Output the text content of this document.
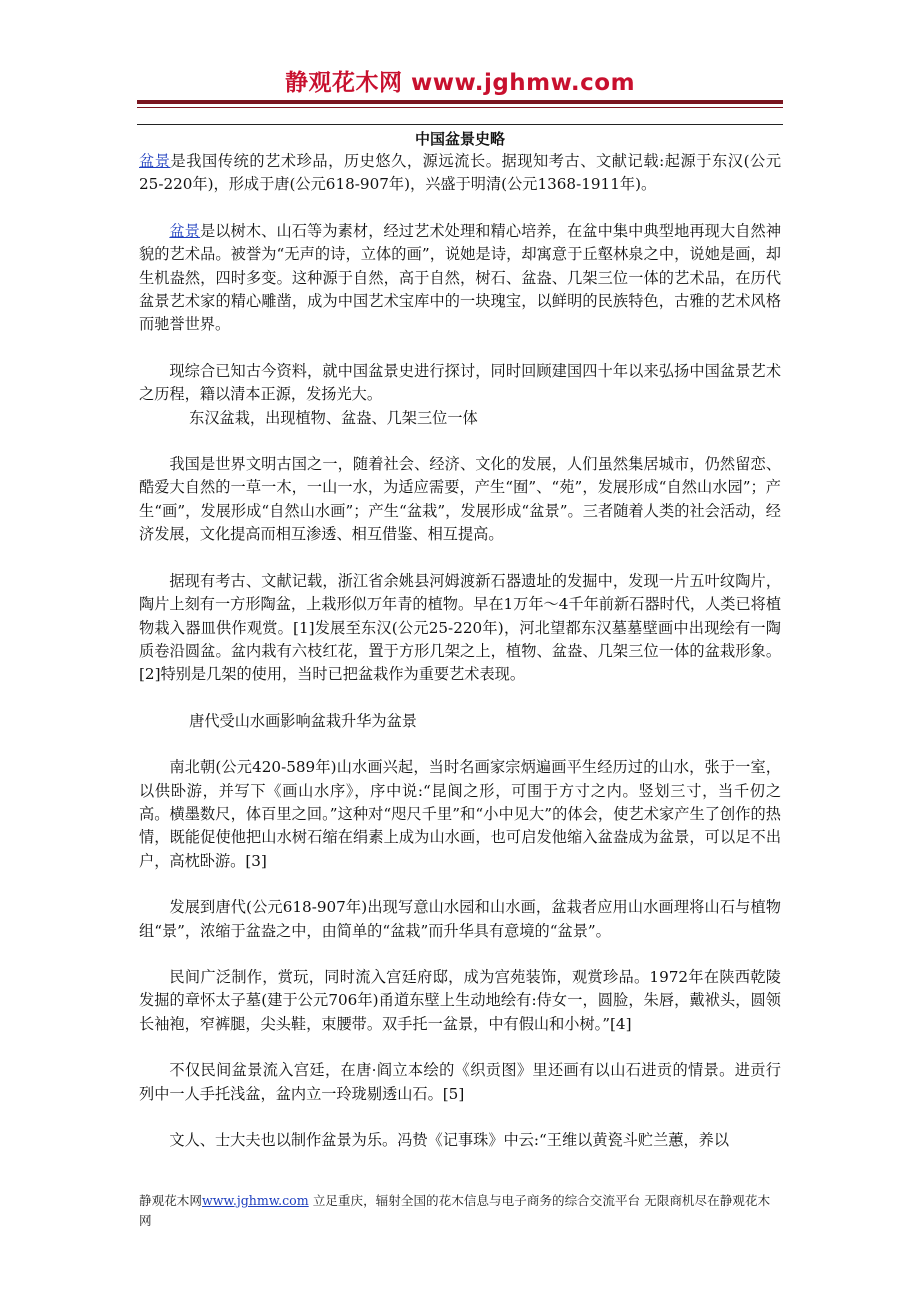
静观花木网 www.jghmw.com
中国盆景史略

盆景是我国传统的艺术珍品，历史悠久，源远流长。据现知考古、文献记载:起源于东汉(公元25-220年)，形成于唐(公元618-907年)，兴盛于明清(公元1368-1911年)。

盆景是以树木、山石等为素材，经过艺术处理和精心培养，在盆中集中典型地再现大自然神貌的艺术品。被誉为“无声的诗，立体的画”，说她是诗，却寓意于丘壑林泉之中，说她是画，却生机盎然，四时多变。这种源于自然，高于自然，树石、盆盎、几架三位一体的艺术品，在历代盆景艺术家的精心雕凿，成为中国艺术宝库中的一块瑰宝，以鲜明的民族特色，古雅的艺术风格而驰誉世界。

现综合已知古今资料，就中国盆景史进行探讨，同时回顾建国四十年以来弘扬中国盆景艺术之历程，籍以清本正源，发扬光大。

东汉盆栽，出现植物、盆盎、几架三位一体

我国是世界文明古国之一，随着社会、经济、文化的发展，人们虽然集居城市，仍然留恋、酷爱大自然的一草一木，一山一水，为适应需要，产生“囿”、“苑”，发展形成“自然山水园”；产生“画”，发展形成“自然山水画”；产生“盆栽”，发展形成“盆景”。三者随着人类的社会活动，经济发展，文化提高而相互渗透、相互借鉴、相互提高。

据现有考古、文献记载，浙江省余姚县河姆渡新石器遗址的发掘中，发现一片五叶纹陶片，陶片上刻有一方形陶盆，上栽形似万年青的植物。早在1万年～4千年前新石器时代，人类已将植物栽入器皿供作观赏。[1]发展至东汉(公元25-220年)，河北望都东汉墓墓壁画中出现绘有一陶质卷沿圆盆。盆内栽有六枝红花，置于方形几架之上，植物、盆盎、几架三位一体的盆栽形象。[2]特别是几架的使用，当时已把盆栽作为重要艺术表现。

唐代受山水画影响盆栽升华为盆景

南北朝(公元420-589年)山水画兴起，当时名画家宗炳遍画平生经历过的山水，张于一室，以供卧游，并写下《画山水序》，序中说:“昆阆之形，可围于方寸之内。竖划三寸，当千仞之高。横墨数尺，体百里之回。”这种对“咫尺千里”和“小中见大”的体会，使艺术家产生了创作的热情，既能促使他把山水树石缩在绢素上成为山水画，也可启发他缩入盆盎成为盆景，可以足不出户，高枕卧游。[3]

发展到唐代(公元618-907年)出现写意山水园和山水画，盆栽者应用山水画理将山石与植物组“景”，浓缩于盆盎之中，由简单的“盆栽”而升华具有意境的“盆景”。

民间广泛制作，赏玩，同时流入宫廷府邸，成为宫苑装饰，观赏珍品。1972年在陕西乾陵发掘的章怀太子墓(建于公元706年)甬道东壁上生动地绘有:侍女一，圆脸，朱唇，戴袱头，圆领长袖袍，窄裤腿，尖头鞋，束腰带。双手托一盆景，中有假山和小树。”[4]

不仅民间盆景流入宫廷，在唐·阎立本绘的《织贡图》里还画有以山石进贡的情景。进贡行列中一人手托浅盆，盆内立一玲珑剔透山石。[5]

文人、士大夫也以制作盆景为乐。冯贽《记事珠》中云:“王维以黄瓷斗贮兰蕙，养以

静观花木网www.jghmw.com 立足重庆，辐射全国的花木信息与电子商务的综合交流平台 无限商机尽在静观花木网
